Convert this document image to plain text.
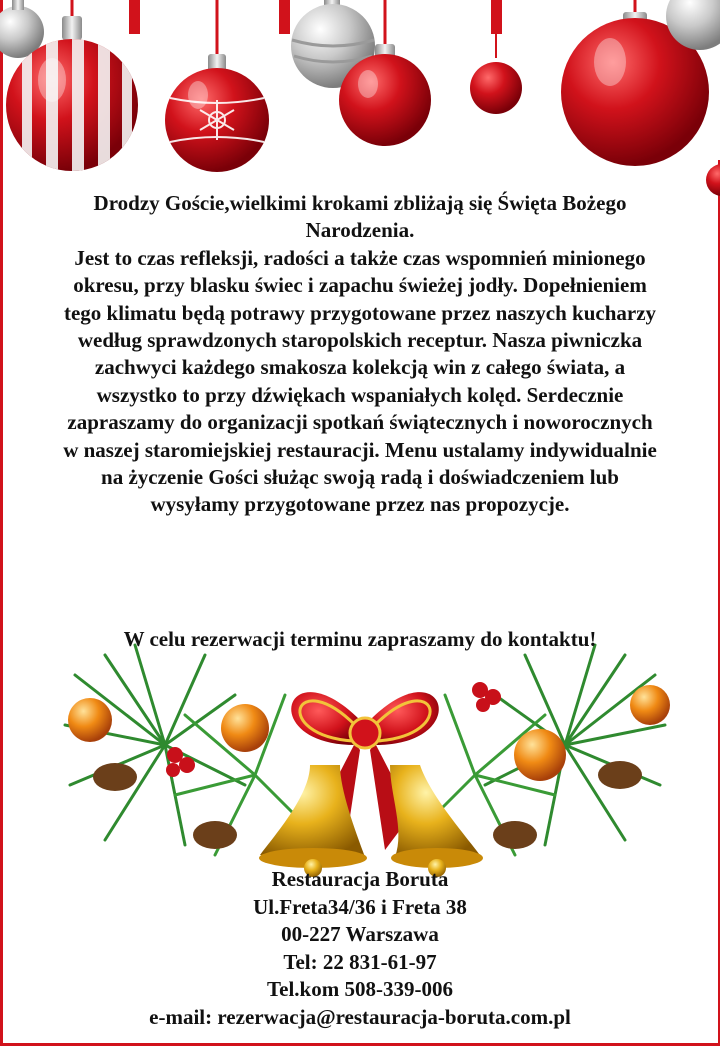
Drodzy Goście,wielkimi krokami zbliżają się Święta Bożego Narodzenia.

Jest to czas refleksji, radości a także czas wspomnień minionego okresu, przy blasku świec i zapachu świeżej jodły. Dopełnieniem tego klimatu będą potrawy przygotowane przez naszych kucharzy według sprawdzonych staropolskich receptur. Nasza piwniczka zachwyci każdego smakosza kolekcją win z całego świata, a wszystko to przy dźwiękach wspaniałych kolęd. Serdecznie zapraszamy do organizacji spotkań świątecznych i noworocznych w naszej staromiejskiej restauracji. Menu ustalamy indywidualnie na życzenie Gości służąc swoją radą i doświadczeniem lub wysyłamy przygotowane przez nas propozycje.

W celu rezerwacji terminu zapraszamy do kontaktu!
Restauracja Boruta
Ul.Freta34/36 i Freta 38
00-227 Warszawa
Tel: 22 831-61-97
Tel.kom 508-339-006
e-mail: rezerwacja@restauracja-boruta.com.pl
